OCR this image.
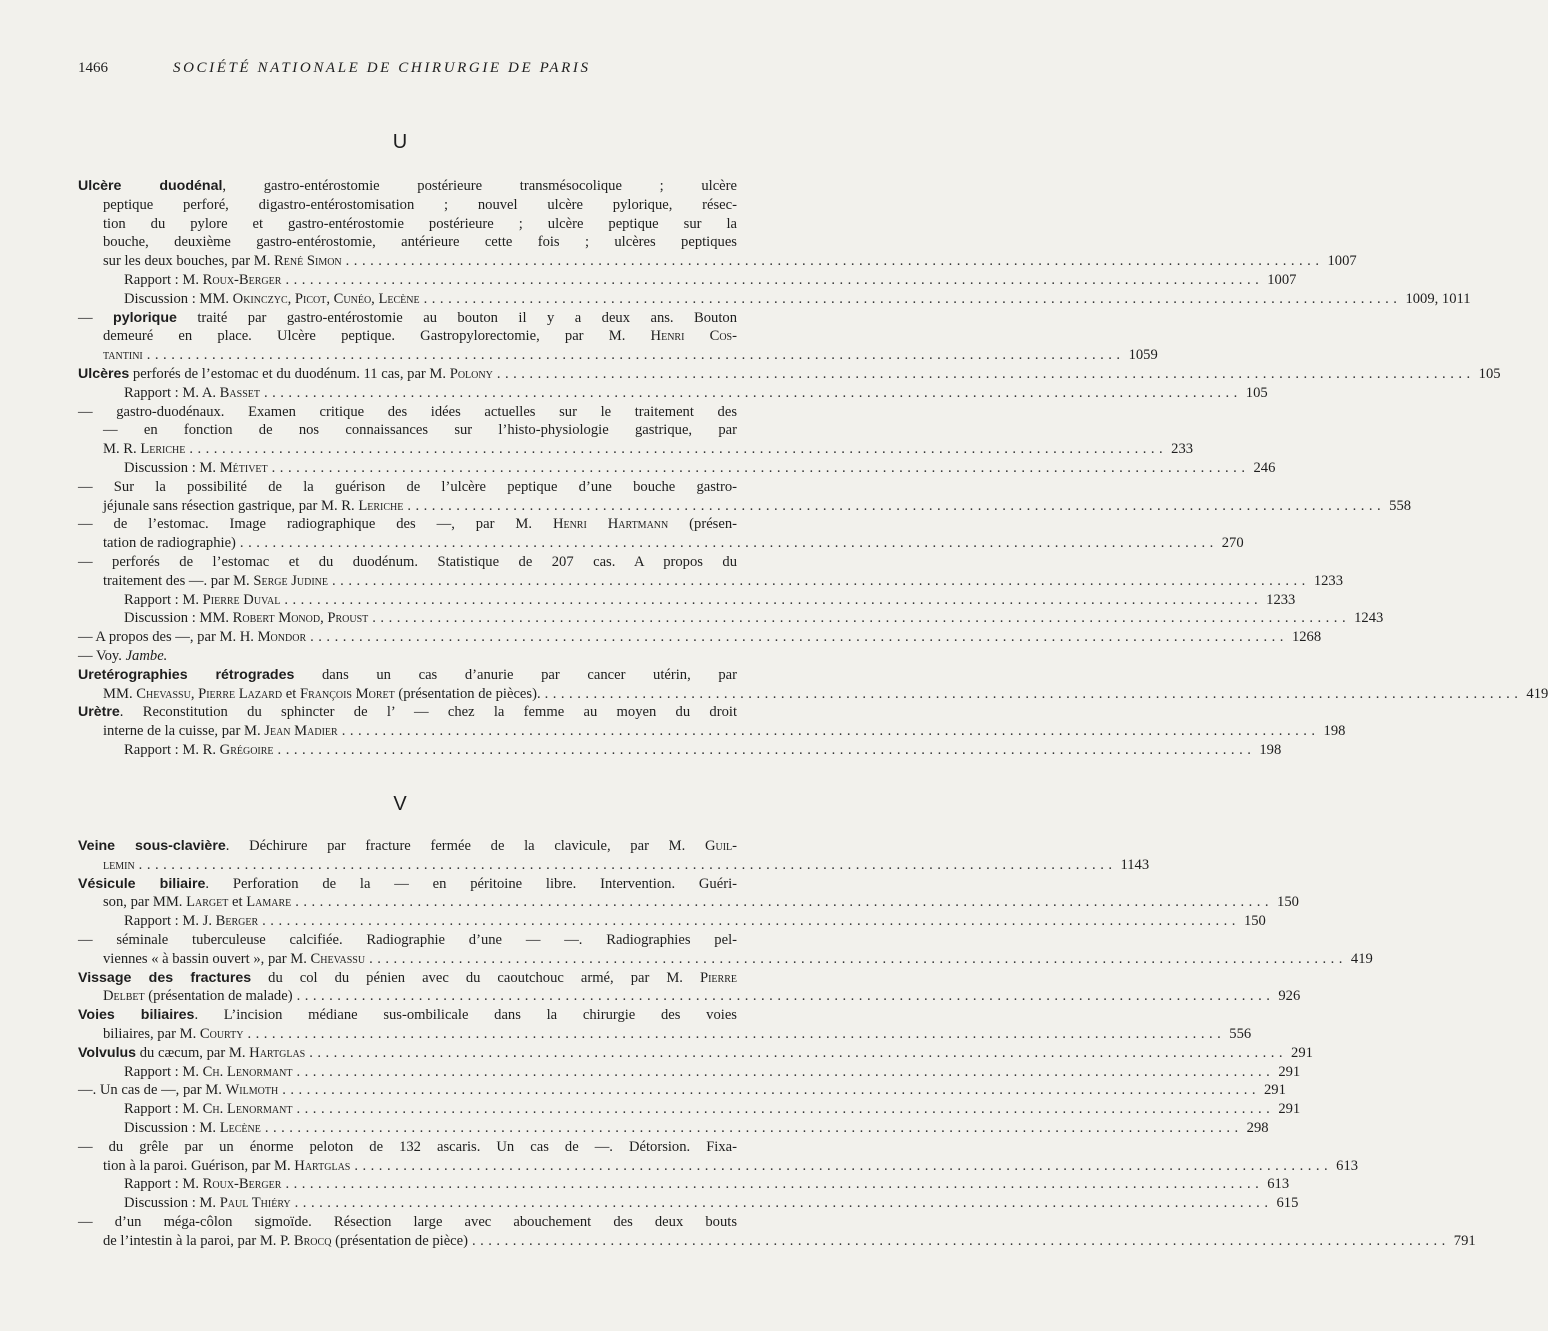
1466	SOCIÉTÉ NATIONALE DE CHIRURGIE DE PARIS
U
V
Ulcère duodénal, gastro-entérostomie postérieure transmésocolique ; ulcère
peptique perforé, digastro-entérostomisation ; nouvel ulcère pylorique, résec-
tion du pylore et gastro-entérostomie postérieure ; ulcère peptique sur la
bouche, deuxième gastro-entérostomie, antérieure cette fois ; ulcères peptiques
sur les deux bouches, par M. René Simon ........................................................................................................................ 1007
Rapport : M. Roux-Berger ........................................................................................................................ 1007
Discussion : MM. Okinczyc, Picot, Cunéo, Lecène ........................................................................................................................ 1009, 1011
— pylorique traité par gastro-entérostomie au bouton il y a deux ans. Bouton
demeuré en place. Ulcère peptique. Gastropylorectomie, par M. Henri Cos-
tantini ........................................................................................................................ 1059
Ulcères perforés de l’estomac et du duodénum. 11 cas, par M. Polony ........................................................................................................................ 105
Rapport : M. A. Basset ........................................................................................................................ 105
— gastro-duodénaux. Examen critique des idées actuelles sur le traitement des
— en fonction de nos connaissances sur l’histo-physiologie gastrique, par
M. R. Leriche ........................................................................................................................ 233
Discussion : M. Métivet ........................................................................................................................ 246
— Sur la possibilité de la guérison de l’ulcère peptique d’une bouche gastro-
jéjunale sans résection gastrique, par M. R. Leriche ........................................................................................................................ 558
— de l’estomac. Image radiographique des —, par M. Henri Hartmann (présen-
tation de radiographie) ........................................................................................................................ 270
— perforés de l’estomac et du duodénum. Statistique de 207 cas. A propos du
traitement des —. par M. Serge Judine ........................................................................................................................ 1233
Rapport : M. Pierre Duval ........................................................................................................................ 1233
Discussion : MM. Robert Monod, Proust ........................................................................................................................ 1243
— A propos des —, par M. H. Mondor ........................................................................................................................ 1268
— Voy. Jambe.
Uretérographies rétrogrades dans un cas d’anurie par cancer utérin, par
MM. Chevassu, Pierre Lazard et François Moret (présentation de pièces). ........................................................................................................................ 419
Urètre. Reconstitution du sphincter de l’ — chez la femme au moyen du droit
interne de la cuisse, par M. Jean Madier ........................................................................................................................ 198
Rapport : M. R. Grégoire ........................................................................................................................ 198
Veine sous-clavière. Déchirure par fracture fermée de la clavicule, par M. Guil-
lemin ........................................................................................................................ 1143
Vésicule biliaire. Perforation de la — en péritoine libre. Intervention. Guéri-
son, par MM. Larget et Lamare ........................................................................................................................ 150
Rapport : M. J. Berger ........................................................................................................................ 150
— séminale tuberculeuse calcifiée. Radiographie d’une — —. Radiographies pel-
viennes « à bassin ouvert », par M. Chevassu ........................................................................................................................ 419
Vissage des fractures du col du pénien avec du caoutchouc armé, par M. Pierre
Delbet (présentation de malade) ........................................................................................................................ 926
Voies biliaires. L’incision médiane sus-ombilicale dans la chirurgie des voies
biliaires, par M. Courty ........................................................................................................................ 556
Volvulus du cæcum, par M. Hartglas ........................................................................................................................ 291
Rapport : M. Ch. Lenormant ........................................................................................................................ 291
—. Un cas de —, par M. Wilmoth ........................................................................................................................ 291
Rapport : M. Ch. Lenormant ........................................................................................................................ 291
Discussion : M. Lecène ........................................................................................................................ 298
— du grêle par un énorme peloton de 132 ascaris. Un cas de —. Détorsion. Fixa-
tion à la paroi. Guérison, par M. Hartglas ........................................................................................................................ 613
Rapport : M. Roux-Berger ........................................................................................................................ 613
Discussion : M. Paul Thiéry ........................................................................................................................ 615
— d’un méga-côlon sigmoïde. Résection large avec abouchement des deux bouts
de l’intestin à la paroi, par M. P. Brocq (présentation de pièce) ........................................................................................................................ 791
